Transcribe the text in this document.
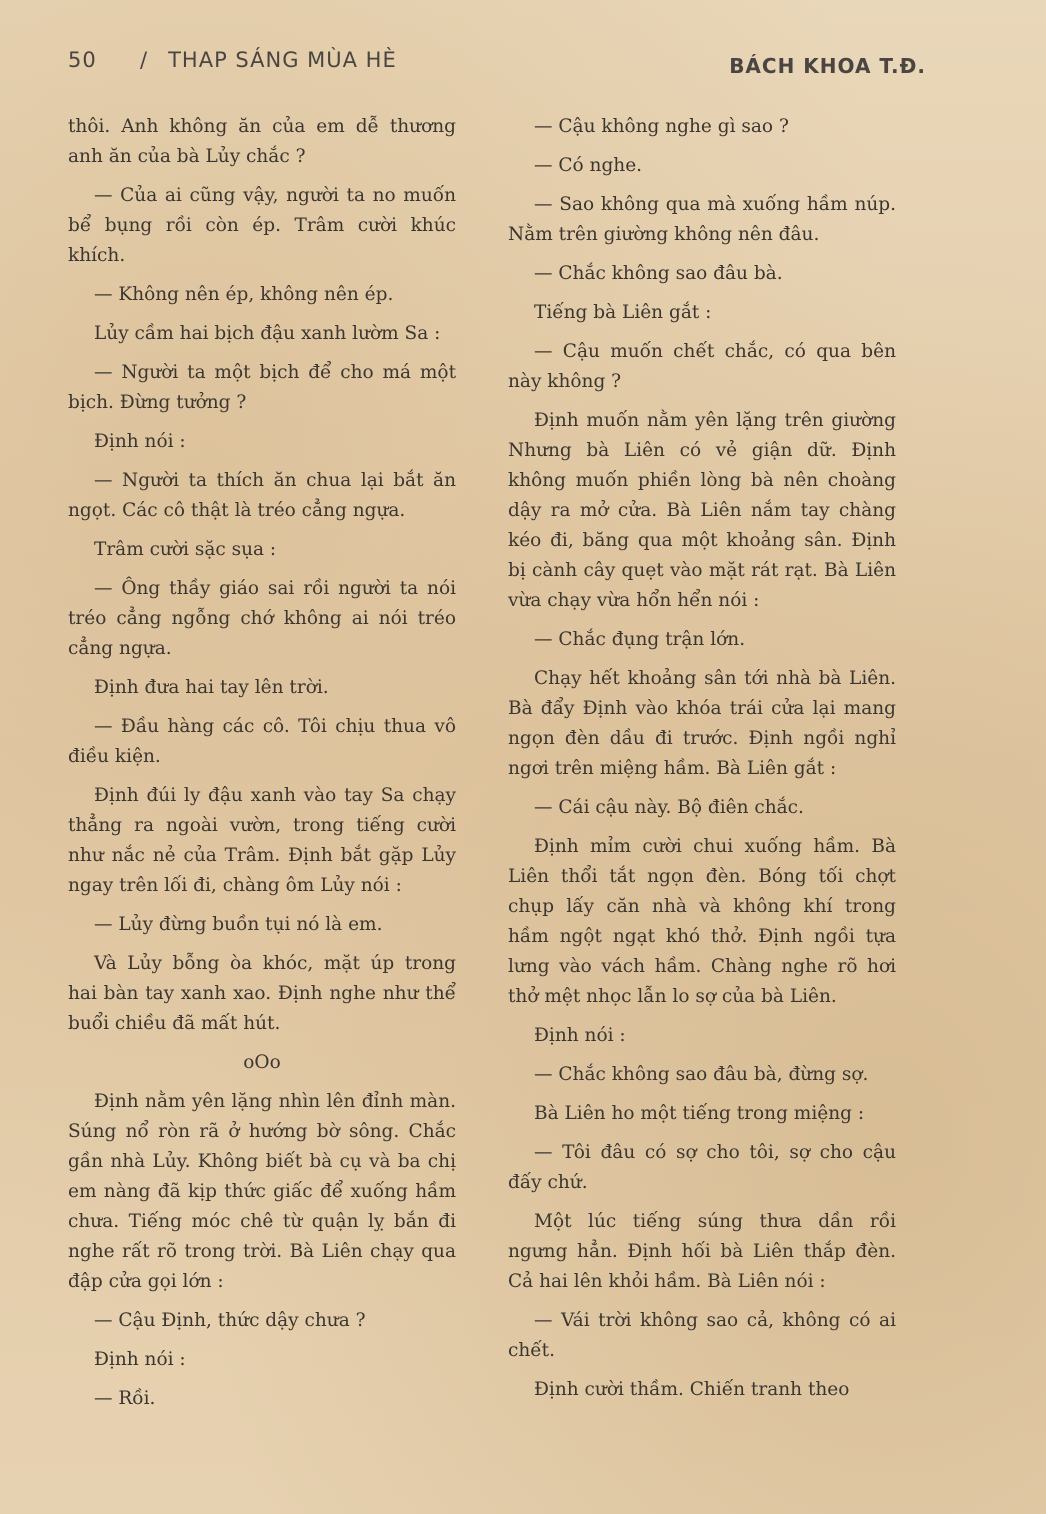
50 / THAP SÁNG MÙA HÈ	BÁCH KHOA T.Đ.

thôi. Anh không ăn của em dễ thương anh ăn của bà Lủy chắc ?

— Của ai cũng vậy, người ta no muốn bể bụng rồi còn ép. Trâm cười khúc khích.

— Không nên ép, không nên ép.

Lủy cầm hai bịch đậu xanh lườm Sa :

— Người ta một bịch để cho má một bịch. Đừng tưởng ?

Định nói :

— Người ta thích ăn chua lại bắt ăn ngọt. Các cô thật là tréo cẳng ngựa.

Trâm cười sặc sụa :

— Ông thầy giáo sai rồi người ta nói tréo cẳng ngỗng chớ không ai nói tréo cẳng ngựa.

Định đưa hai tay lên trời.

— Đầu hàng các cô. Tôi chịu thua vô điều kiện.

Định đúi ly đậu xanh vào tay Sa chạy thẳng ra ngoài vườn, trong tiếng cười như nắc nẻ của Trâm. Định bắt gặp Lủy ngay trên lối đi, chàng ôm Lủy nói :

— Lủy đừng buồn tụi nó là em.

Và Lủy bỗng òa khóc, mặt úp trong hai bàn tay xanh xao. Định nghe như thể buổi chiều đã mất hút.

oOo

Định nằm yên lặng nhìn lên đỉnh màn. Súng nổ ròn rã ở hướng bờ sông. Chắc gần nhà Lủy. Không biết bà cụ và ba chị em nàng đã kịp thức giấc để xuống hầm chưa. Tiếng móc chê từ quận lỵ bắn đi nghe rất rõ trong trời. Bà Liên chạy qua đập cửa gọi lớn :

— Cậu Định, thức dậy chưa ?

Định nói :

— Rồi.

— Cậu không nghe gì sao ?

— Có nghe.

— Sao không qua mà xuống hầm núp. Nằm trên giường không nên đâu.

— Chắc không sao đâu bà.

Tiếng bà Liên gắt :

— Cậu muốn chết chắc, có qua bên này không ?

Định muốn nằm yên lặng trên giường Nhưng bà Liên có vẻ giận dữ. Định không muốn phiền lòng bà nên choàng dậy ra mở cửa. Bà Liên nắm tay chàng kéo đi, băng qua một khoảng sân. Định bị cành cây quẹt vào mặt rát rạt. Bà Liên vừa chạy vừa hổn hển nói :

— Chắc đụng trận lớn.

Chạy hết khoảng sân tới nhà bà Liên. Bà đẩy Định vào khóa trái cửa lại mang ngọn đèn dầu đi trước. Định ngồi nghỉ ngơi trên miệng hầm. Bà Liên gắt :

— Cái cậu này. Bộ điên chắc.

Định mỉm cười chui xuống hầm. Bà Liên thổi tắt ngọn đèn. Bóng tối chợt chụp lấy căn nhà và không khí trong hầm ngột ngạt khó thở. Định ngồi tựa lưng vào vách hầm. Chàng nghe rõ hơi thở mệt nhọc lẫn lo sợ của bà Liên.

Định nói :

— Chắc không sao đâu bà, đừng sợ.

Bà Liên ho một tiếng trong miệng :

— Tôi đâu có sợ cho tôi, sợ cho cậu đấy chứ.

Một lúc tiếng súng thưa dần rồi ngưng hẳn. Định hối bà Liên thắp đèn. Cả hai lên khỏi hầm. Bà Liên nói :

— Vái trời không sao cả, không có ai chết.

Định cười thầm. Chiến tranh theo
